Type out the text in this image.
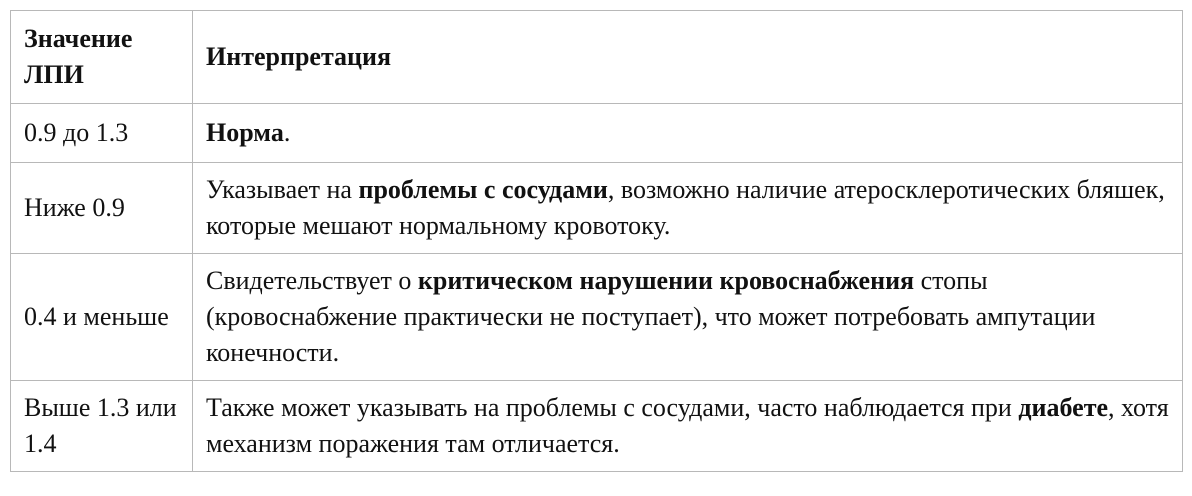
Значение ЛПИ	Интерпретация
0.9 до 1.3	Норма.
Ниже 0.9	Указывает на проблемы с сосудами, возможно наличие атеросклеротических бляшек, которые мешают нормальному кровотоку.
0.4 и меньше	Свидетельствует о критическом нарушении кровоснабжения стопы (кровоснабжение практически не поступает), что может потребовать ампутации конечности.
Выше 1.3 или 1.4	Также может указывать на проблемы с сосудами, часто наблюдается при диабете, хотя механизм поражения там отличается.
